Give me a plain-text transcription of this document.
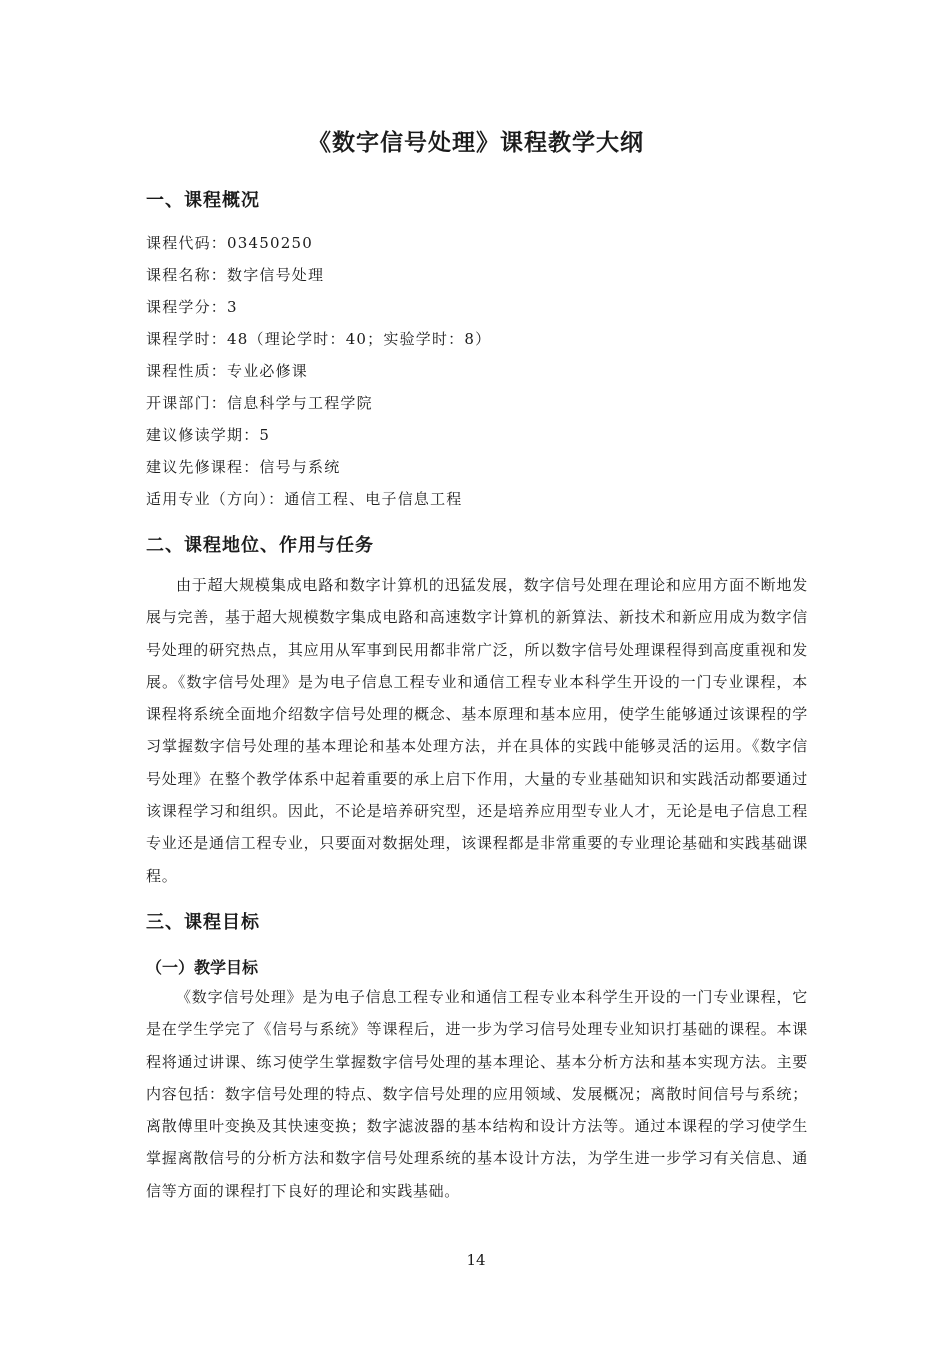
《数字信号处理》课程教学大纲
一、课程概况
课程代码：03450250
课程名称：数字信号处理
课程学分：3
课程学时：48（理论学时：40；实验学时：8）
课程性质：专业必修课
开课部门：信息科学与工程学院
建议修读学期：5
建议先修课程：信号与系统
适用专业（方向）：通信工程、电子信息工程
二、课程地位、作用与任务
由于超大规模集成电路和数字计算机的迅猛发展，数字信号处理在理论和应用方面不断地发展与完善，基于超大规模数字集成电路和高速数字计算机的新算法、新技术和新应用成为数字信号处理的研究热点，其应用从军事到民用都非常广泛，所以数字信号处理课程得到高度重视和发展。《数字信号处理》是为电子信息工程专业和通信工程专业本科学生开设的一门专业课程，本课程将系统全面地介绍数字信号处理的概念、基本原理和基本应用，使学生能够通过该课程的学习掌握数字信号处理的基本理论和基本处理方法，并在具体的实践中能够灵活的运用。《数字信号处理》在整个教学体系中起着重要的承上启下作用，大量的专业基础知识和实践活动都要通过该课程学习和组织。因此，不论是培养研究型，还是培养应用型专业人才，无论是电子信息工程专业还是通信工程专业，只要面对数据处理，该课程都是非常重要的专业理论基础和实践基础课程。
三、课程目标
（一）教学目标
《数字信号处理》是为电子信息工程专业和通信工程专业本科学生开设的一门专业课程，它是在学生学完了《信号与系统》等课程后，进一步为学习信号处理专业知识打基础的课程。本课程将通过讲课、练习使学生掌握数字信号处理的基本理论、基本分析方法和基本实现方法。主要内容包括：数字信号处理的特点、数字信号处理的应用领域、发展概况；离散时间信号与系统；离散傅里叶变换及其快速变换；数字滤波器的基本结构和设计方法等。通过本课程的学习使学生掌握离散信号的分析方法和数字信号处理系统的基本设计方法，为学生进一步学习有关信息、通信等方面的课程打下良好的理论和实践基础。
14
